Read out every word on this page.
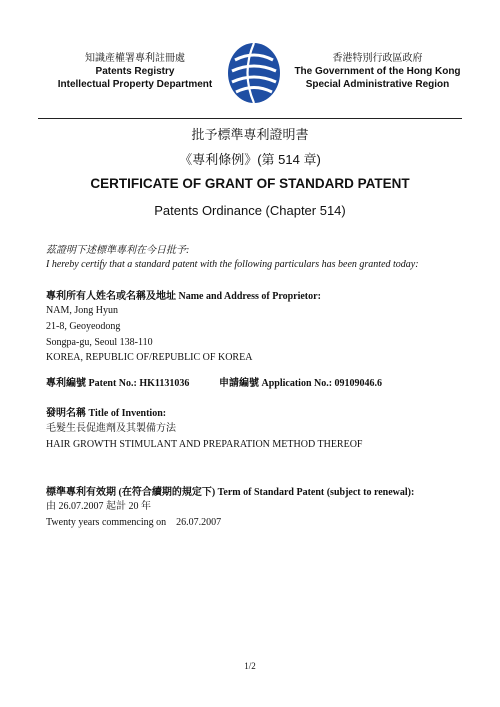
知識產權署專利註冊處
Patents Registry
Intellectual Property Department
香港特別行政區政府
The Government of the Hong Kong
Special Administrative Region
批予標準專利證明書
《專利條例》(第 514 章)
CERTIFICATE OF GRANT OF STANDARD PATENT
Patents Ordinance (Chapter 514)
茲證明下述標準專利在今日批予:
I hereby certify that a standard patent with the following particulars has been granted today:
專利所有人姓名或名稱及地址 Name and Address of Proprietor:
NAM, Jong Hyun
21-8, Geoyeodong
Songpa-gu, Seoul 138-110
KOREA, REPUBLIC OF/REPUBLIC OF KOREA
專利編號 Patent No.: HK1131036	申請編號 Application No.: 09109046.6
發明名稱 Title of Invention:
毛髮生長促進劑及其製備方法
HAIR GROWTH STIMULANT AND PREPARATION METHOD THEREOF
標準專利有效期 (在符合續期的規定下) Term of Standard Patent (subject to renewal):
由 26.07.2007 起計 20 年
Twenty years commencing on    26.07.2007
1/2
